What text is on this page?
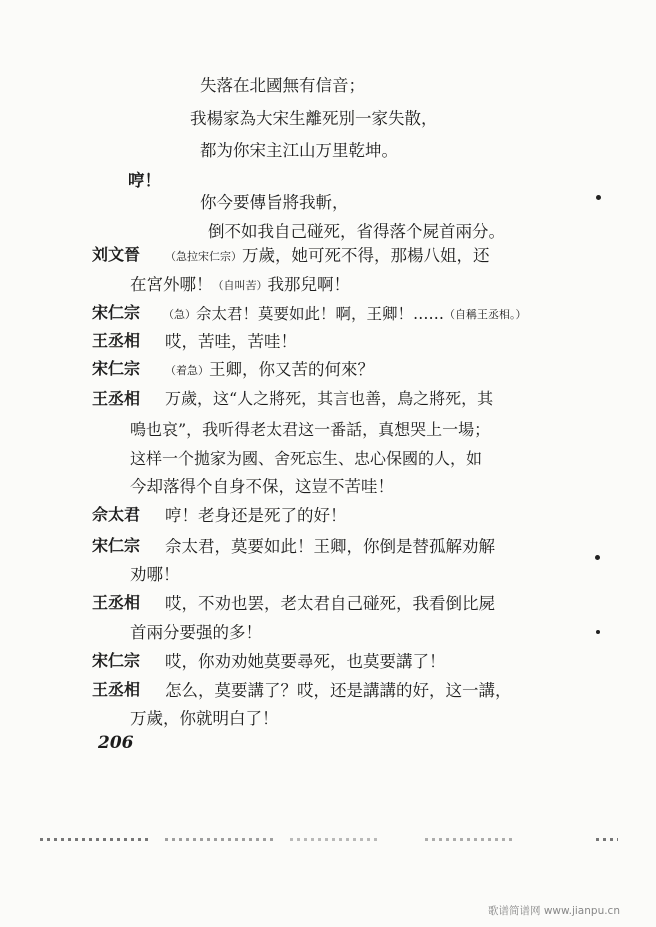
失落在北國無有信音；
我楊家為大宋生離死別一家失散，
都为你宋主江山万里乾坤。
哼！
你今要傳旨將我斬，
倒不如我自己碰死，省得落个屍首兩分。
刘文晉 （急拉宋仁宗）万歲，她可死不得，那楊八姐，还
在宮外哪！（自叫苦）我那兒啊！
宋仁宗 （急）佘太君！莫要如此！啊，王卿！……（自稱王丞相。）
王丞相 哎，苦哇，苦哇！
宋仁宗 （着急）王卿，你又苦的何來？
王丞相 万歲，这“人之將死，其言也善，鳥之將死，其
鳴也哀”，我听得老太君这一番話，真想哭上一場；
这样一个拋家为國、舍死忘生、忠心保國的人，如
今却落得个自身不保，这豈不苦哇！
佘太君 哼！老身还是死了的好！
宋仁宗 佘太君，莫要如此！王卿，你倒是替孤解劝解
劝哪！
王丞相 哎，不劝也罢，老太君自己碰死，我看倒比屍
首兩分要强的多！
宋仁宗 哎，你劝劝她莫要尋死，也莫要講了！
王丞相 怎么，莫要講了？哎，还是講講的好，这一講，
万歲，你就明白了！
206
歌谱简谱网 www.jianpu.cn
